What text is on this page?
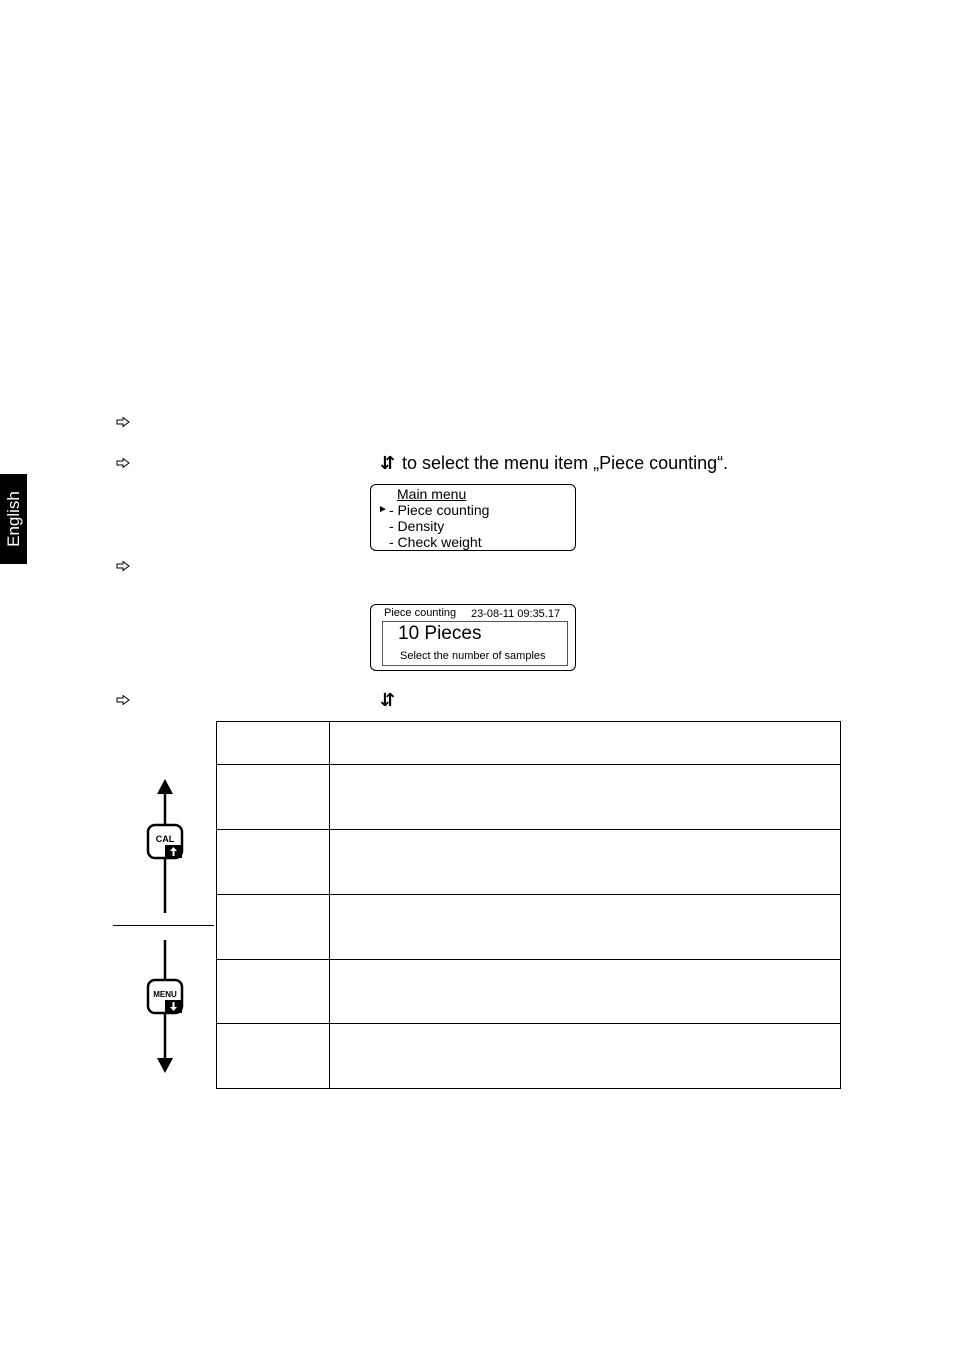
English
⇵ to select the menu item „Piece counting“.
Main menu
► - Piece counting
- Density
- Check weight
Piece counting 23-08-11 09:35.17
10 Pieces
Select the number of samples
⇵

CAL
MENU
